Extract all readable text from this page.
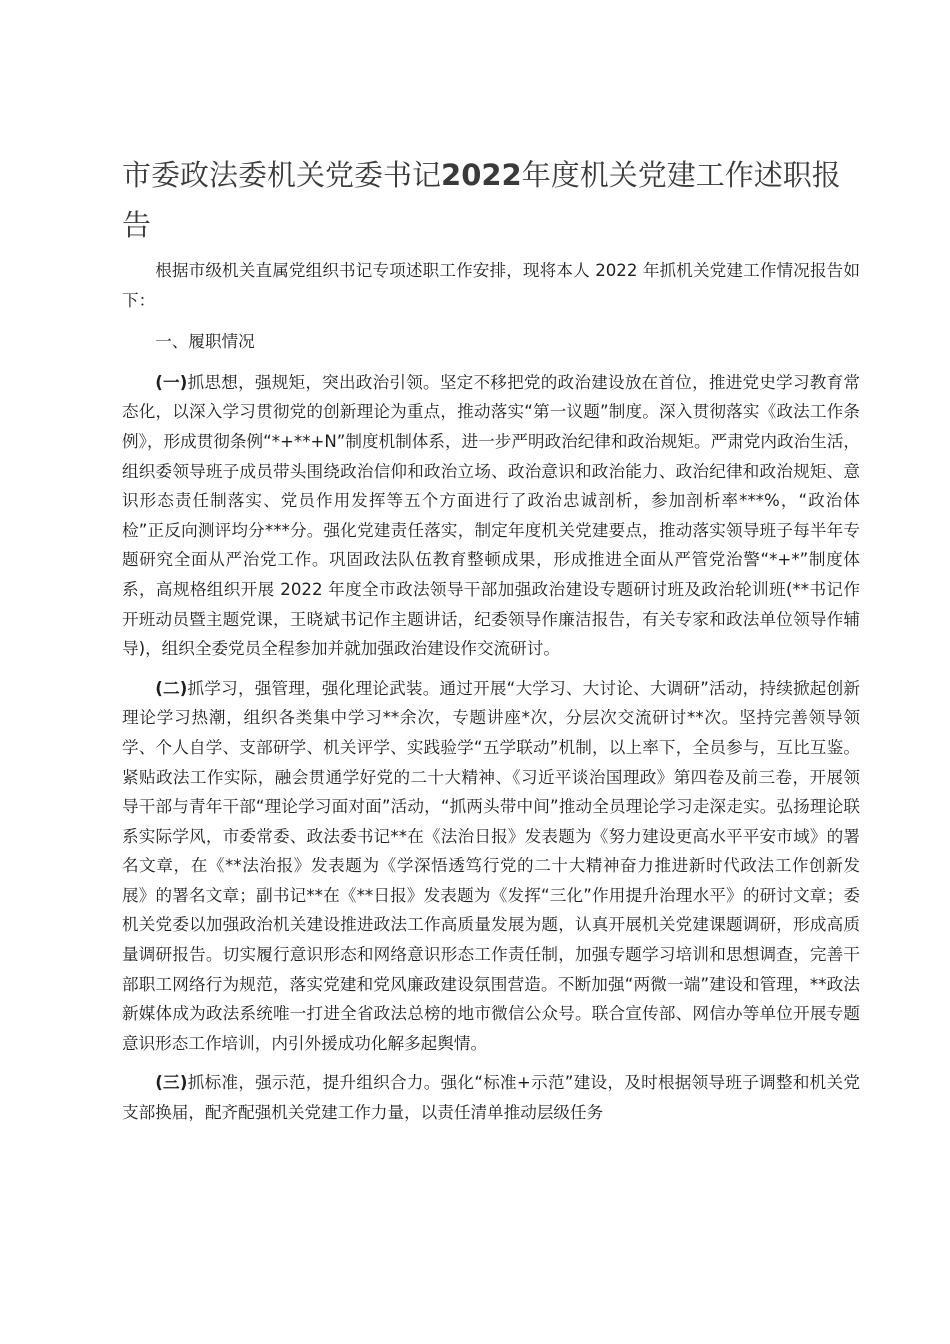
市委政法委机关党委书记2022年度机关党建工作述职报告

根据市级机关直属党组织书记专项述职工作安排，现将本人 2022 年抓机关党建工作情况报告如下：

一、履职情况

(一)抓思想，强规矩，突出政治引领。坚定不移把党的政治建设放在首位，推进党史学习教育常态化，以深入学习贯彻党的创新理论为重点，推动落实“第一议题”制度。深入贯彻落实《政法工作条例》，形成贯彻条例“*+**+N”制度机制体系，进一步严明政治纪律和政治规矩。严肃党内政治生活，组织委领导班子成员带头围绕政治信仰和政治立场、政治意识和政治能力、政治纪律和政治规矩、意识形态责任制落实、党员作用发挥等五个方面进行了政治忠诚剖析，参加剖析率***%，“政治体检”正反向测评均分***分。强化党建责任落实，制定年度机关党建要点，推动落实领导班子每半年专题研究全面从严治党工作。巩固政法队伍教育整顿成果，形成推进全面从严管党治警“*+*”制度体系，高规格组织开展 2022 年度全市政法领导干部加强政治建设专题研讨班及政治轮训班(**书记作开班动员暨主题党课，王晓斌书记作主题讲话，纪委领导作廉洁报告，有关专家和政法单位领导作辅导)，组织全委党员全程参加并就加强政治建设作交流研讨。

(二)抓学习，强管理，强化理论武装。通过开展“大学习、大讨论、大调研”活动，持续掀起创新理论学习热潮，组织各类集中学习**余次，专题讲座*次，分层次交流研讨**次。坚持完善领导领学、个人自学、支部研学、机关评学、实践验学“五学联动”机制，以上率下，全员参与，互比互鉴。紧贴政法工作实际，融会贯通学好党的二十大精神、《习近平谈治国理政》第四卷及前三卷，开展领导干部与青年干部“理论学习面对面”活动，“抓两头带中间”推动全员理论学习走深走实。弘扬理论联系实际学风，市委常委、政法委书记**在《法治日报》发表题为《努力建设更高水平平安市域》的署名文章，在《**法治报》发表题为《学深悟透笃行党的二十大精神奋力推进新时代政法工作创新发展》的署名文章；副书记**在《**日报》发表题为《发挥“三化”作用提升治理水平》的研讨文章；委机关党委以加强政治机关建设推进政法工作高质量发展为题，认真开展机关党建课题调研，形成高质量调研报告。切实履行意识形态和网络意识形态工作责任制，加强专题学习培训和思想调查，完善干部职工网络行为规范，落实党建和党风廉政建设氛围营造。不断加强“两微一端”建设和管理，**政法新媒体成为政法系统唯一打进全省政法总榜的地市微信公众号。联合宣传部、网信办等单位开展专题意识形态工作培训，内引外援成功化解多起舆情。

(三)抓标准，强示范，提升组织合力。强化“标准+示范”建设，及时根据领导班子调整和机关党支部换届，配齐配强机关党建工作力量，以责任清单推动层级任务
